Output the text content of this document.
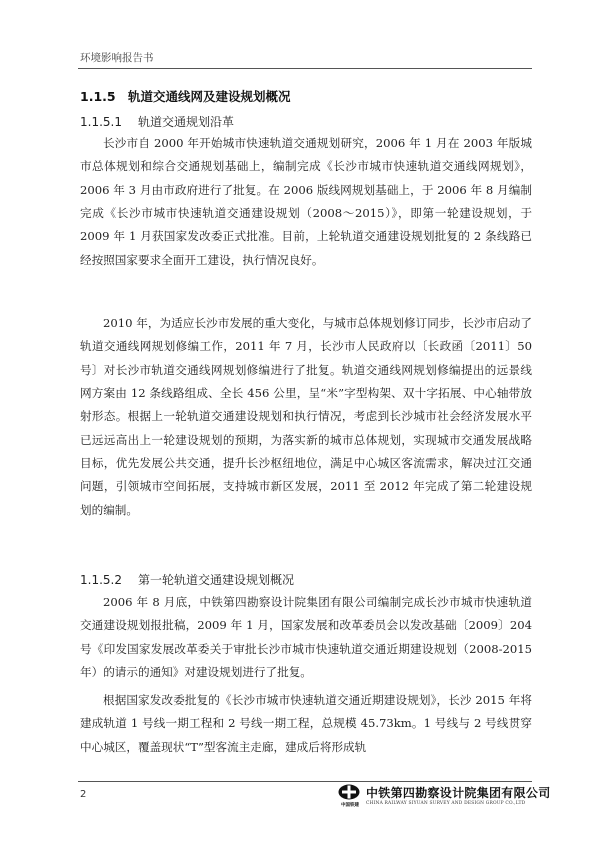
环境影响报告书
1.1.5 轨道交通线网及建设规划概况
1.1.5.1 轨道交通规划沿革

长沙市自 2000 年开始城市快速轨道交通规划研究，2006 年 1 月在 2003 年版城市总体规划和综合交通规划基础上，编制完成《长沙市城市快速轨道交通线网规划》，2006 年 3 月由市政府进行了批复。在 2006 版线网规划基础上，于 2006 年 8 月编制完成《长沙市城市快速轨道交通建设规划（2008～2015）》，即第一轮建设规划，于 2009 年 1 月获国家发改委正式批准。目前，上轮轨道交通建设规划批复的 2 条线路已经按照国家要求全面开工建设，执行情况良好。

2010 年，为适应长沙市发展的重大变化，与城市总体规划修订同步，长沙市启动了轨道交通线网规划修编工作，2011 年 7 月，长沙市人民政府以〔长政函〔2011〕50 号〕对长沙市轨道交通线网规划修编进行了批复。轨道交通线网规划修编提出的远景线网方案由 12 条线路组成、全长 456 公里，呈“米”字型构架、双十字拓展、中心轴带放射形态。根据上一轮轨道交通建设规划和执行情况，考虑到长沙城市社会经济发展水平已远远高出上一轮建设规划的预期，为落实新的城市总体规划，实现城市交通发展战略目标，优先发展公共交通，提升长沙枢纽地位，满足中心城区客流需求，解决过江交通问题，引领城市空间拓展，支持城市新区发展，2011 至 2012 年完成了第二轮建设规划的编制。

1.1.5.2 第一轮轨道交通建设规划概况

2006 年 8 月底，中铁第四勘察设计院集团有限公司编制完成长沙市城市快速轨道交通建设规划报批稿，2009 年 1 月，国家发展和改革委员会以发改基础〔2009〕204 号《印发国家发展改革委关于审批长沙市城市快速轨道交通近期建设规划（2008-2015 年）的请示的通知》对建设规划进行了批复。

根据国家发改委批复的《长沙市城市快速轨道交通近期建设规划》，长沙 2015 年将建成轨道 1 号线一期工程和 2 号线一期工程，总规模 45.73km。1 号线与 2 号线贯穿中心城区，覆盖现状“T”型客流主走廊，建成后将形成轨

2
中国铁建
中铁第四勘察设计院集团有限公司
CHINA RAILWAY SIYUAN SURVEY AND DESIGN GROUP CO.,LTD
